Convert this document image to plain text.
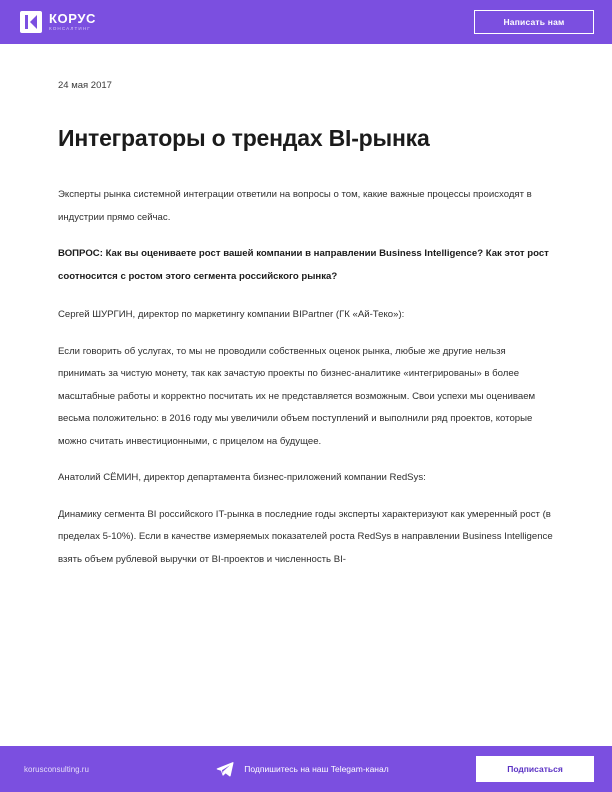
КОРУС
КОНСАЛТИНГ
Написать нам
24 мая 2017
Интеграторы о трендах BI-рынка

Эксперты рынка системной интеграции ответили на вопросы о том, какие важные процессы происходят в индустрии прямо сейчас.

ВОПРОС: Как вы оцениваете рост вашей компании в направлении Business Intelligence? Как этот рост соотносится с ростом этого сегмента российского рынка?

Сергей ШУРГИН, директор по маркетингу компании BIPartner (ГК «Ай-Теко»):

Если говорить об услугах, то мы не проводили собственных оценок рынка, любые же другие нельзя принимать за чистую монету, так как зачастую проекты по бизнес-аналитике «интегрированы» в более масштабные работы и корректно посчитать их не представляется возможным. Свои успехи мы оцениваем весьма положительно: в 2016 году мы увеличили объем поступлений и выполнили ряд проектов, которые можно считать инвестиционными, с прицелом на будущее.

Анатолий СЁМИН, директор департамента бизнес-приложений компании RedSys:

Динамику сегмента BI российского IT-рынка в последние годы эксперты характеризуют как умеренный рост (в пределах 5-10%). Если в качестве измеряемых показателей роста RedSys в направлении Business Intelligence взять объем рублевой выручки от BI-проектов и численность BI-

korusconsulting.ru	Подпишитесь на наш Telegam-канал	Подписаться
